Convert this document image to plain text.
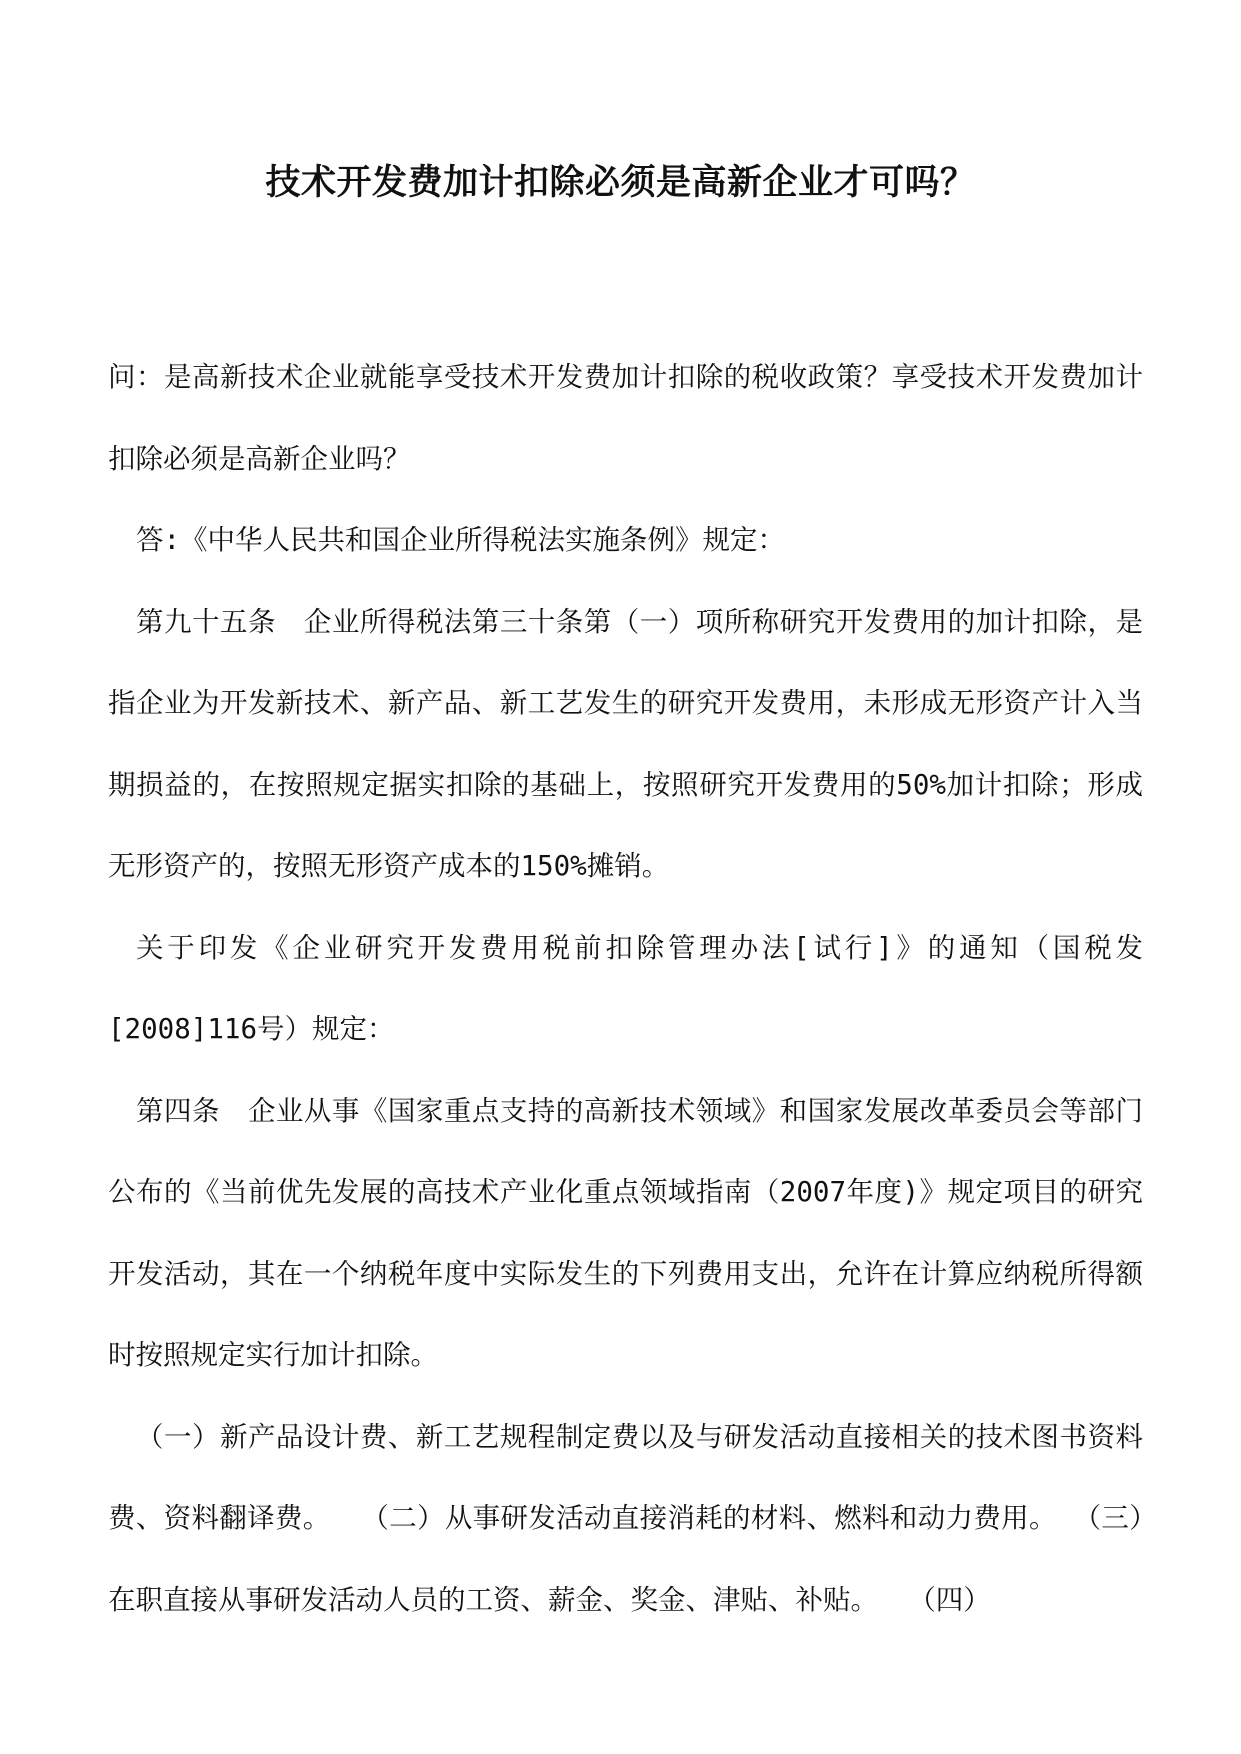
技术开发费加计扣除必须是高新企业才可吗？

问：是高新技术企业就能享受技术开发费加计扣除的税收政策？享受技术开发费加计扣除必须是高新企业吗？

答:《中华人民共和国企业所得税法实施条例》规定：

第九十五条　企业所得税法第三十条第（一）项所称研究开发费用的加计扣除，是指企业为开发新技术、新产品、新工艺发生的研究开发费用，未形成无形资产计入当期损益的，在按照规定据实扣除的基础上，按照研究开发费用的50%加计扣除；形成无形资产的，按照无形资产成本的150%摊销。

关于印发《企业研究开发费用税前扣除管理办法[试行]》的通知（国税发[2008]116号）规定：

第四条　企业从事《国家重点支持的高新技术领域》和国家发展改革委员会等部门公布的《当前优先发展的高技术产业化重点领域指南（2007年度)》规定项目的研究开发活动，其在一个纳税年度中实际发生的下列费用支出，允许在计算应纳税所得额时按照规定实行加计扣除。

（一）新产品设计费、新工艺规程制定费以及与研发活动直接相关的技术图书资料费、资料翻译费。　 （二）从事研发活动直接消耗的材料、燃料和动力费用。 （三）在职直接从事研发活动人员的工资、薪金、奖金、津贴、补贴。　 （四）
